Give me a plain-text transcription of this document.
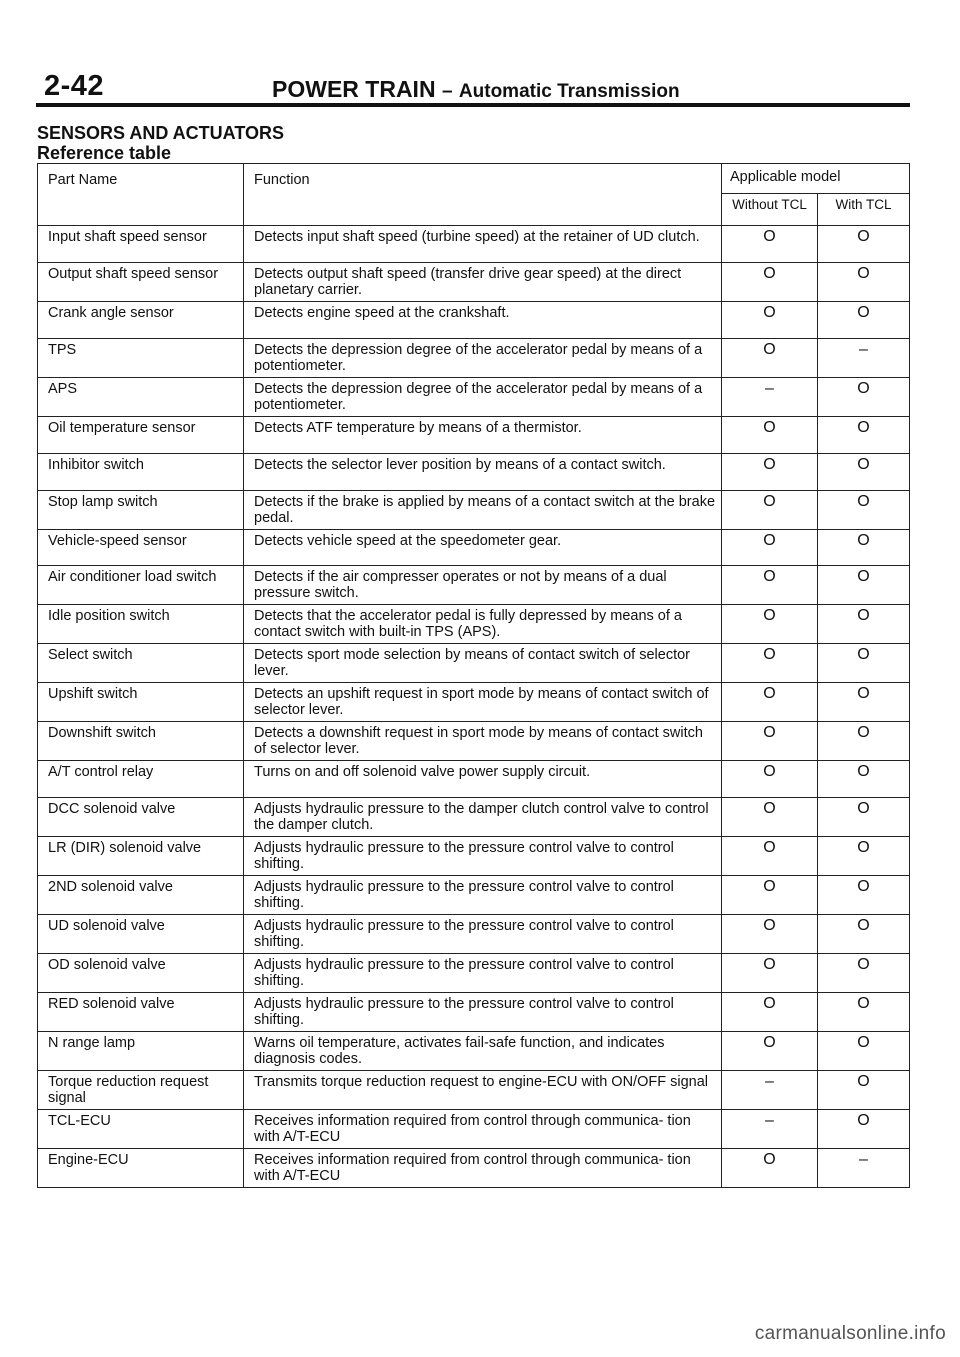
2-42	POWER TRAIN – Automatic Transmission
SENSORS AND ACTUATORS
Reference table
Part Name	Function	Applicable model	
		Without TCL	With TCL
Input shaft speed sensor	Detects input shaft speed (turbine speed) at the retainer of UD clutch.	O	O
Output shaft speed sensor	Detects output shaft speed (transfer drive gear speed) at the direct planetary carrier.	O	O
Crank angle sensor	Detects engine speed at the crankshaft.	O	O
TPS	Detects the depression degree of the accelerator pedal by means of a potentiometer.	O	–
APS	Detects the depression degree of the accelerator pedal by means of a potentiometer.	–	O
Oil temperature sensor	Detects ATF temperature by means of a thermistor.	O	O
Inhibitor switch	Detects the selector lever position by means of a contact switch.	O	O
Stop lamp switch	Detects if the brake is applied by means of a contact switch at the brake pedal.	O	O
Vehicle-speed sensor	Detects vehicle speed at the speedometer gear.	O	O
Air conditioner load switch	Detects if the air compresser operates or not by means of a dual pressure switch.	O	O
Idle position switch	Detects that the accelerator pedal is fully depressed by means of a contact switch with built-in TPS (APS).	O	O
Select switch	Detects sport mode selection by means of contact switch of selector lever.	O	O
Upshift switch	Detects an upshift request in sport mode by means of contact switch of selector lever.	O	O
Downshift switch	Detects a downshift request in sport mode by means of contact switch of selector lever.	O	O
A/T control relay	Turns on and off solenoid valve power supply circuit.	O	O
DCC solenoid valve	Adjusts hydraulic pressure to the damper clutch control valve to control the damper clutch.	O	O
LR (DIR) solenoid valve	Adjusts hydraulic pressure to the pressure control valve to control shifting.	O	O
2ND solenoid valve	Adjusts hydraulic pressure to the pressure control valve to control shifting.	O	O
UD solenoid valve	Adjusts hydraulic pressure to the pressure control valve to control shifting.	O	O
OD solenoid valve	Adjusts hydraulic pressure to the pressure control valve to control shifting.	O	O
RED solenoid valve	Adjusts hydraulic pressure to the pressure control valve to control shifting.	O	O
N range lamp	Warns oil temperature, activates fail-safe function, and indicates diagnosis codes.	O	O
Torque reduction request signal	Transmits torque reduction request to engine-ECU with ON/OFF signal	–	O
TCL-ECU	Receives information required from control through communica- tion with A/T-ECU	–	O
Engine-ECU	Receives information required from control through communica- tion with A/T-ECU	O	–
carmanualsonline.info
